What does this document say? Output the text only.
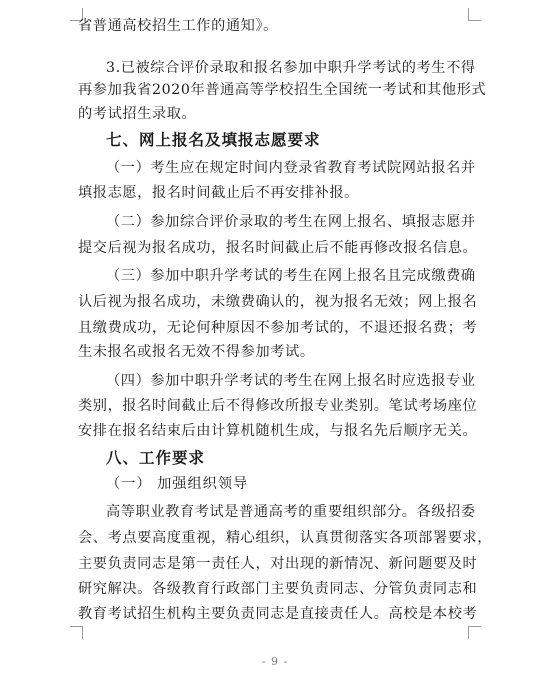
省普通高校招生工作的通知》。
3.已被综合评价录取和报名参加中职升学考试的考生不得
再参加我省2020年普通高等学校招生全国统一考试和其他形式
的考试招生录取。
七、网上报名及填报志愿要求
（一）考生应在规定时间内登录省教育考试院网站报名并
填报志愿，报名时间截止后不再安排补报。
（二）参加综合评价录取的考生在网上报名、填报志愿并
提交后视为报名成功，报名时间截止后不能再修改报名信息。
（三）参加中职升学考试的考生在网上报名且完成缴费确
认后视为报名成功，未缴费确认的，视为报名无效；网上报名
且缴费成功，无论何种原因不参加考试的，不退还报名费；考
生未报名或报名无效不得参加考试。
（四）参加中职升学考试的考生在网上报名时应选报专业
类别，报名时间截止后不得修改所报专业类别。笔试考场座位
安排在报名结束后由计算机随机生成，与报名先后顺序无关。
八、工作要求
（一） 加强组织领导
高等职业教育考试是普通高考的重要组织部分。各级招委
会、考点要高度重视，精心组织，认真贯彻落实各项部署要求，
主要负责同志是第一责任人，对出现的新情况、新问题要及时
研究解决。各级教育行政部门主要负责同志、分管负责同志和
教育考试招生机构主要负责同志是直接责任人。高校是本校考
- 9 -
